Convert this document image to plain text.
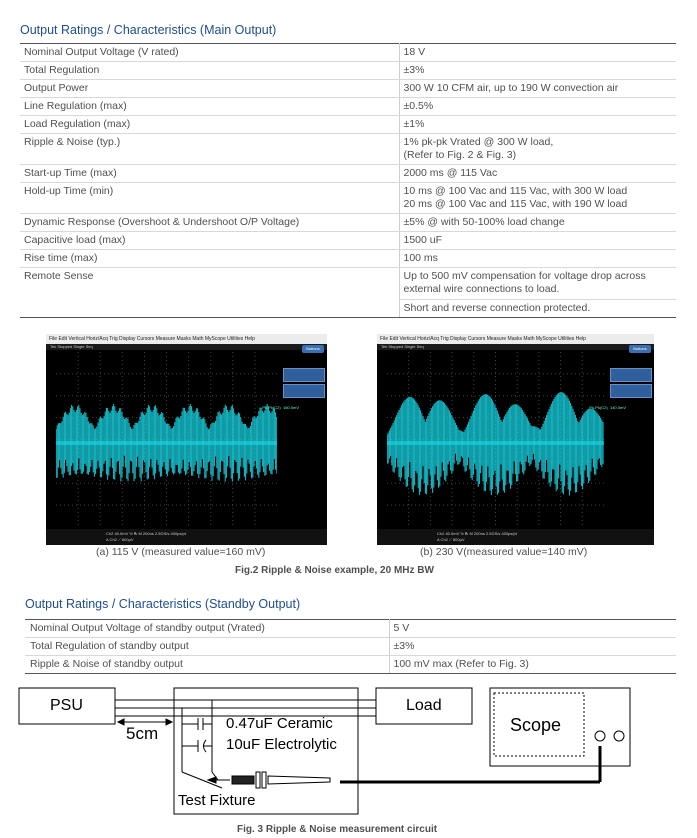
Output Ratings / Characteristics (Main Output)
Nominal Output Voltage (V rated)	18 V
Total Regulation	±3%
Output Power	300 W 10 CFM air, up to 190 W convection air
Line Regulation (max)	±0.5%
Load Regulation (max)	±1%
Ripple & Noise (typ.)	1% pk-pk Vrated @ 300 W load,
(Refer to Fig. 2 & Fig. 3)
Start-up Time (max)	2000 ms @ 115 Vac
Hold-up Time (min)	10 ms @ 100 Vac and 115 Vac, with 300 W load
20 ms @ 100 Vac and 115 Vac, with 190 W load
Dynamic Response (Overshoot & Undershoot O/P Voltage)	±5% @ with 50-100% load change
Capacitive load (max)	1500 uF
Rise time (max)	100 ms
Remote Sense	Up to 500 mV compensation for voltage drop across
external wire connections to load.
Short and reverse connection protected.
File Edit Vertical Horiz/Acq Trig Display Cursors Measure Masks Math MyScope Utilities Help
Tek Stopped Single Seq	Buttons
Pk-Pk(C2) 160.0mV
Ch2 40.0mV ½ ℞ M 200ns 2.5GS/s 400ps/pt
A Ch2 ⟋ 800µV
File Edit Vertical Horiz/Acq Trig Display Cursors Measure Masks Math MyScope Utilities Help
Tek Stopped Single Seq	Buttons
Pk-Pk(C2) 140.0mV
Ch2 40.0mV ½ ℞ M 200ns 2.5GS/s 400ps/pt
A Ch2 ⟋ 800µV
(a) 115 V (measured value=160 mV)	(b) 230 V(measured value=140 mV)
Fig.2 Ripple & Noise example, 20 MHz BW
Output Ratings / Characteristics (Standby Output)
Nominal Output Voltage of standby output (Vrated)	5 V
Total Regulation of standby output	±3%
Ripple & Noise of standby output	100 mV max (Refer to Fig. 3)
PSU	Load
Scope
5cm
0.47uF Ceramic
10uF Electrolytic
Test Fixture
Fig. 3 Ripple & Noise measurement circuit
